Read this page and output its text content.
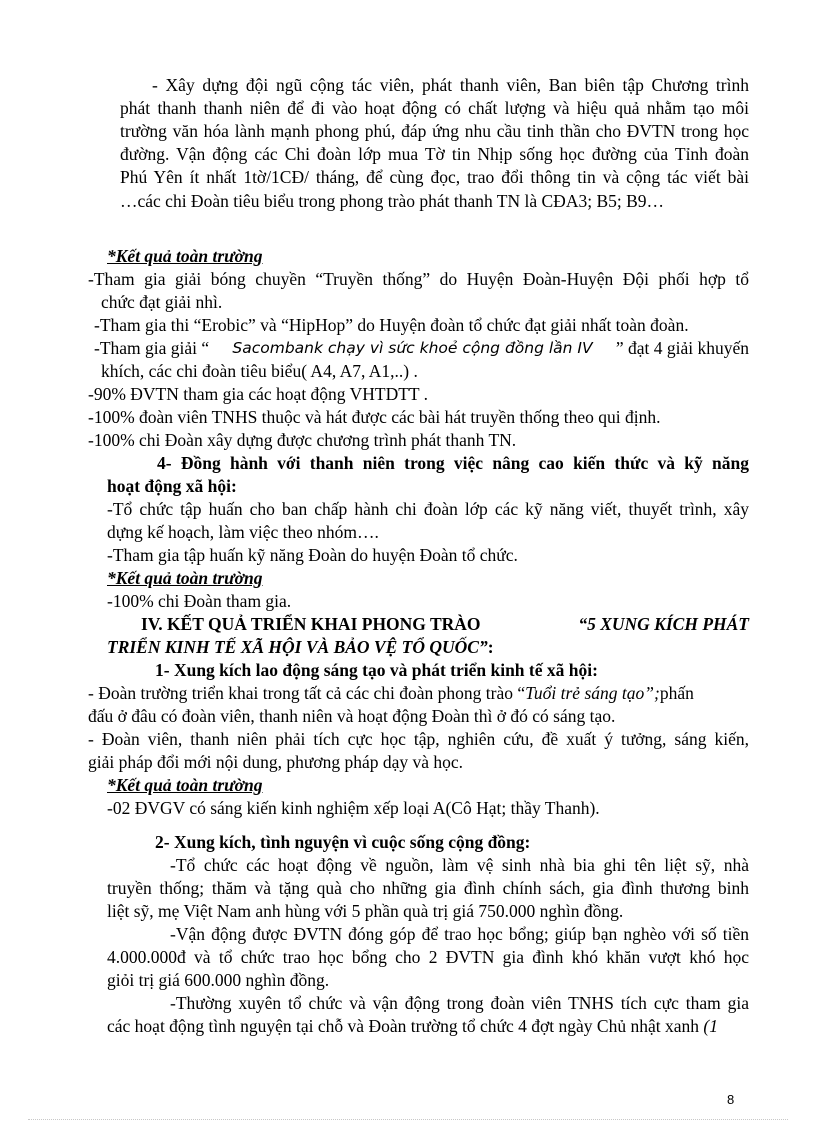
- Xây dựng đội ngũ cộng tác viên, phát thanh viên, Ban biên tập Chương trình
phát thanh thanh niên để đi vào hoạt động có chất lượng và hiệu quả nhằm tạo môi
trường văn hóa lành mạnh phong phú, đáp ứng nhu cầu tinh thần cho ĐVTN trong học
đường. Vận động các Chi đoàn lớp mua Tờ tin Nhịp sống học đường của Tỉnh đoàn
Phú Yên ít nhất 1tờ/1CĐ/ tháng, để cùng đọc, trao đổi thông tin và cộng tác viết bài
…các chi Đoàn tiêu biểu trong phong trào phát thanh TN là CĐA3; B5; B9…
*Kết quả toàn trường
-Tham gia giải bóng chuyền “Truyền thống” do Huyện Đoàn-Huyện Đội phối hợp tổ
chức đạt giải nhì.
-Tham gia thi “Erobic” và “HipHop” do Huyện đoàn tổ chức đạt giải nhất toàn đoàn.
-Tham gia giải “ Sacombank chạy vì sức khoẻ cộng đồng lần IV ” đạt 4 giải khuyến
khích, các chi đoàn tiêu biểu( A4, A7, A1,..) .
-90% ĐVTN tham gia các hoạt động VHTDTT .
-100% đoàn viên TNHS thuộc và hát được các bài hát truyền thống theo qui định.
-100% chi Đoàn xây dựng được chương trình phát thanh TN.
4- Đồng hành với thanh niên trong việc nâng cao kiến thức và kỹ năng
hoạt động xã hội:
-Tổ chức tập huấn cho ban chấp hành chi đoàn lớp các kỹ năng viết, thuyết trình, xây
dựng kế hoạch, làm việc theo nhóm….
-Tham gia tập huấn kỹ năng Đoàn do huyện Đoàn tổ chức.
*Kết quả toàn trường
-100% chi Đoàn tham gia.
IV. KẾT QUẢ TRIỂN KHAI PHONG TRÀO	“5 XUNG KÍCH PHÁT
TRIỂN KINH TẾ XÃ HỘI VÀ BẢO VỆ TỔ QUỐC”:
1- Xung kích lao động sáng tạo và phát triển kinh tế xã hội:
- Đoàn trường triển khai trong tất cả các chi đoàn phong trào “ Tuổi trẻ sáng tạo”; phấn
đấu ở đâu có đoàn viên, thanh niên và hoạt động Đoàn thì ở đó có sáng tạo.
- Đoàn viên, thanh niên phải tích cực học tập, nghiên cứu, đề xuất ý tưởng, sáng kiến,
giải pháp đổi mới nội dung, phương pháp dạy và học.
*Kết quả toàn trường
-02 ĐVGV có sáng kiến kinh nghiệm xếp loại A(Cô Hạt; thầy Thanh).
2- Xung kích, tình nguyện vì cuộc sống cộng đồng:
-Tổ chức các hoạt động về nguồn, làm vệ sinh nhà bia ghi tên liệt sỹ, nhà
truyền thống; thăm và tặng quà cho những gia đình chính sách, gia đình thương binh
liệt sỹ, mẹ Việt Nam anh hùng với 5 phần quà trị giá 750.000 nghìn đồng.
-Vận động được ĐVTN đóng góp để trao học bổng; giúp bạn nghèo với số tiền
4.000.000đ và tổ chức trao học bổng cho 2 ĐVTN gia đình khó khăn vượt khó học
giỏi trị giá 600.000 nghìn đồng.
-Thường xuyên tổ chức và vận động trong đoàn viên TNHS tích cực tham gia
các hoạt động tình nguyện tại chỗ và Đoàn trường tổ chức 4 đợt ngày Chủ nhật xanh (1
8
